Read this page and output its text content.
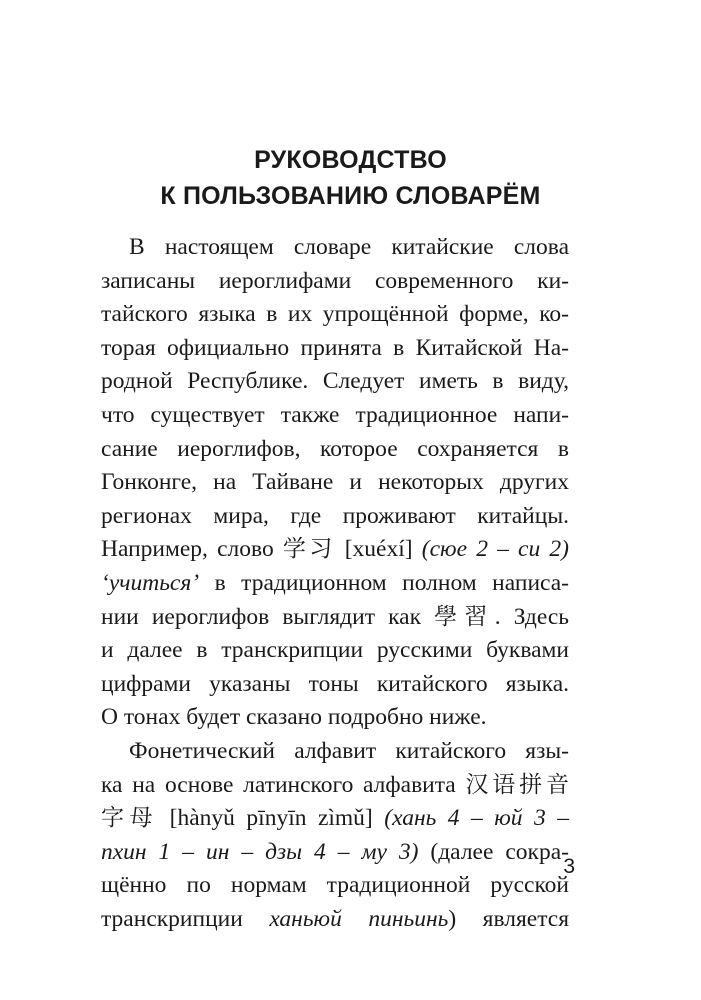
РУКОВОДСТВО
К ПОЛЬЗОВАНИЮ СЛОВАРЁМ
В настоящем словаре китайские слова
записаны иероглифами современного ки-
тайского языка в их упрощённой форме, ко-
торая официально принята в Китайской На-
родной Республике. Следует иметь в виду,
что существует также традиционное напи-
сание иероглифов, которое сохраняется в
Гонконге, на Тайване и некоторых других
регионах мира, где проживают китайцы.
Например, слово 学习 [xuéxí] (сюе 2 – си 2)
‘учиться’ в традиционном полном написа-
нии иероглифов выглядит как 學習. Здесь
и далее в транскрипции русскими буквами
цифрами указаны тоны китайского языка.
О тонах будет сказано подробно ниже.
Фонетический алфавит китайского язы-
ка на основе латинского алфавита 汉语拼音
字母 [hànyǔ pīnyīn zìmǔ] (хань 4 – юй 3 –
пхин 1 – ин – дзы 4 – му 3) (далее сокра-
щённо по нормам традиционной русской
транскрипции ханьюй пиньинь) является
3
